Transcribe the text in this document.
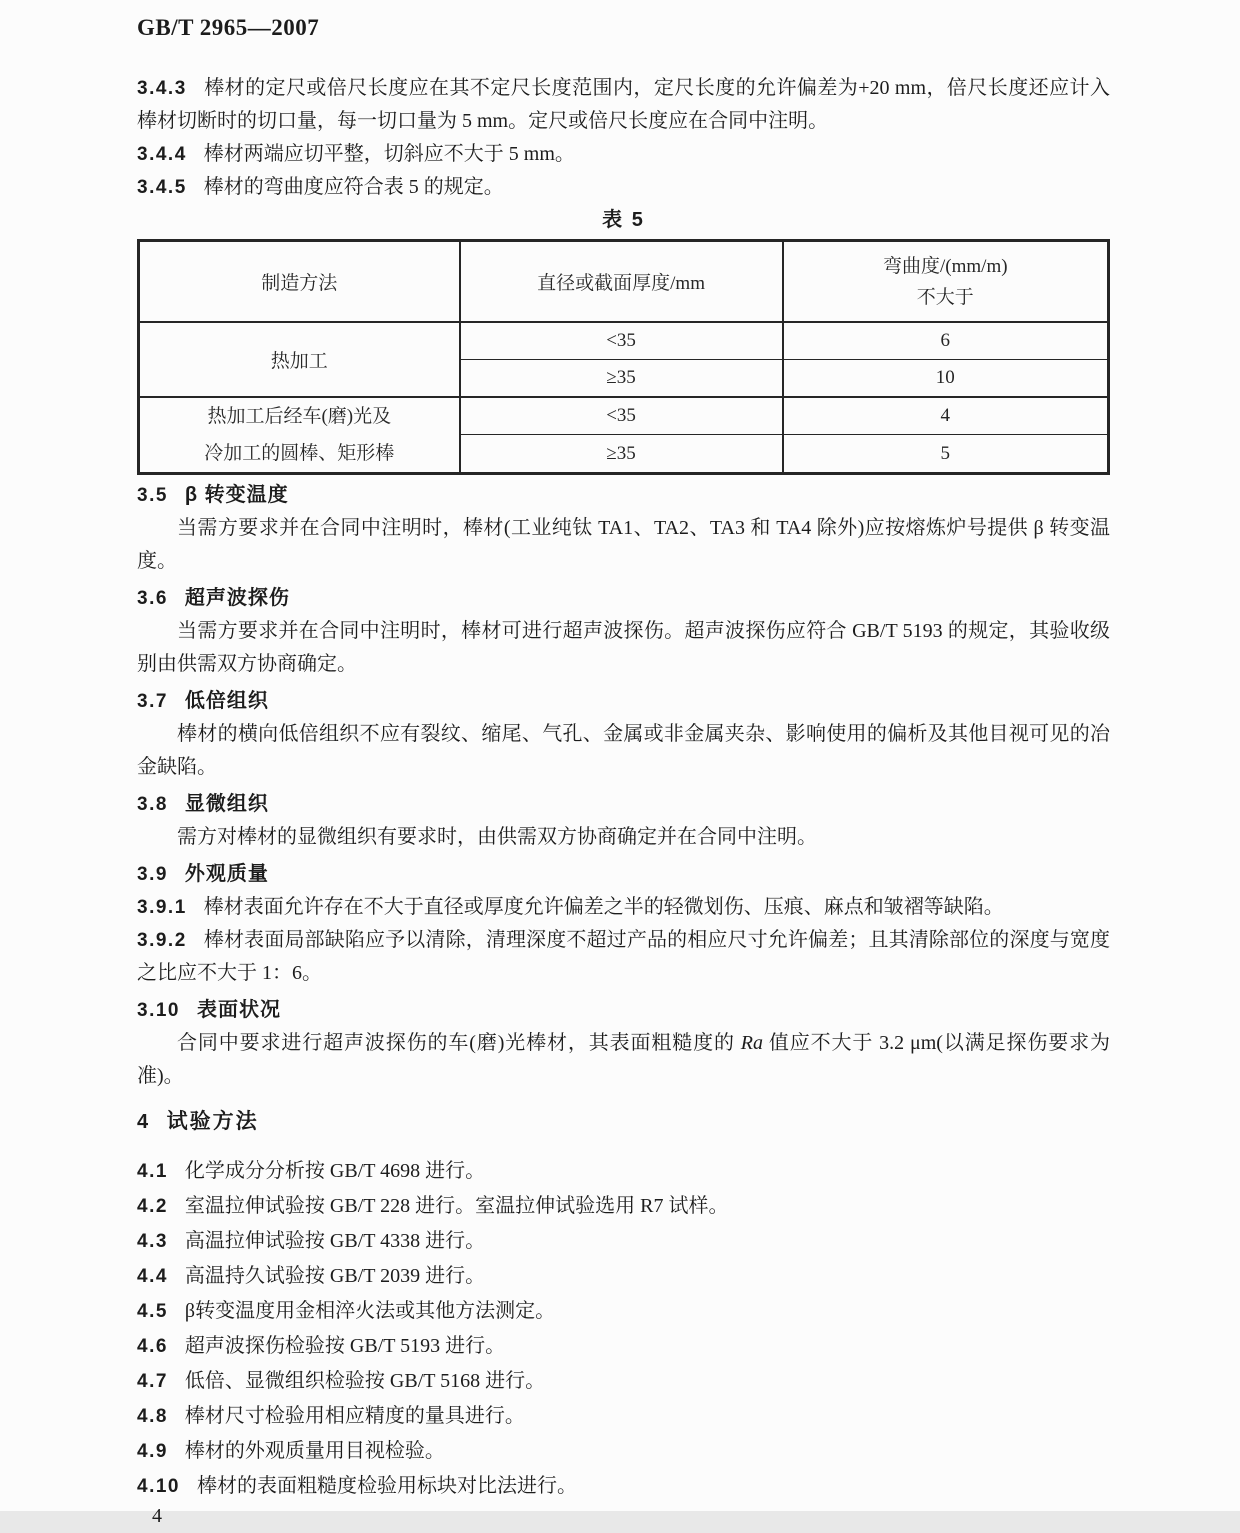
GB/T 2965—2007

3.4.3 棒材的定尺或倍尺长度应在其不定尺长度范围内，定尺长度的允许偏差为+20 mm，倍尺长度还应计入棒材切断时的切口量，每一切口量为 5 mm。定尺或倍尺长度应在合同中注明。

3.4.4 棒材两端应切平整，切斜应不大于 5 mm。

3.4.5 棒材的弯曲度应符合表 5 的规定。

表 5

制造方法	直径或截面厚度/mm	弯曲度/(mm/m)
不大于

热加工	<35	6
	≥35	10

热加工后经车(磨)光及
冷加工的圆棒、矩形棒	<35	4
	≥35	5

3.5 β 转变温度

当需方要求并在合同中注明时，棒材(工业纯钛 TA1、TA2、TA3 和 TA4 除外)应按熔炼炉号提供 β 转变温度。

3.6 超声波探伤

当需方要求并在合同中注明时，棒材可进行超声波探伤。超声波探伤应符合 GB/T 5193 的规定，其验收级别由供需双方协商确定。

3.7 低倍组织

棒材的横向低倍组织不应有裂纹、缩尾、气孔、金属或非金属夹杂、影响使用的偏析及其他目视可见的冶金缺陷。

3.8 显微组织

需方对棒材的显微组织有要求时，由供需双方协商确定并在合同中注明。

3.9 外观质量

3.9.1 棒材表面允许存在不大于直径或厚度允许偏差之半的轻微划伤、压痕、麻点和皱褶等缺陷。

3.9.2 棒材表面局部缺陷应予以清除，清理深度不超过产品的相应尺寸允许偏差；且其清除部位的深度与宽度之比应不大于 1：6。

3.10 表面状况

合同中要求进行超声波探伤的车(磨)光棒材，其表面粗糙度的 Ra 值应不大于 3.2 μm(以满足探伤要求为准)。

4 试验方法

4.1 化学成分分析按 GB/T 4698 进行。

4.2 室温拉伸试验按 GB/T 228 进行。室温拉伸试验选用 R7 试样。

4.3 高温拉伸试验按 GB/T 4338 进行。

4.4 高温持久试验按 GB/T 2039 进行。

4.5 β转变温度用金相淬火法或其他方法测定。

4.6 超声波探伤检验按 GB/T 5193 进行。

4.7 低倍、显微组织检验按 GB/T 5168 进行。

4.8 棒材尺寸检验用相应精度的量具进行。

4.9 棒材的外观质量用目视检验。

4.10 棒材的表面粗糙度检验用标块对比法进行。

4
